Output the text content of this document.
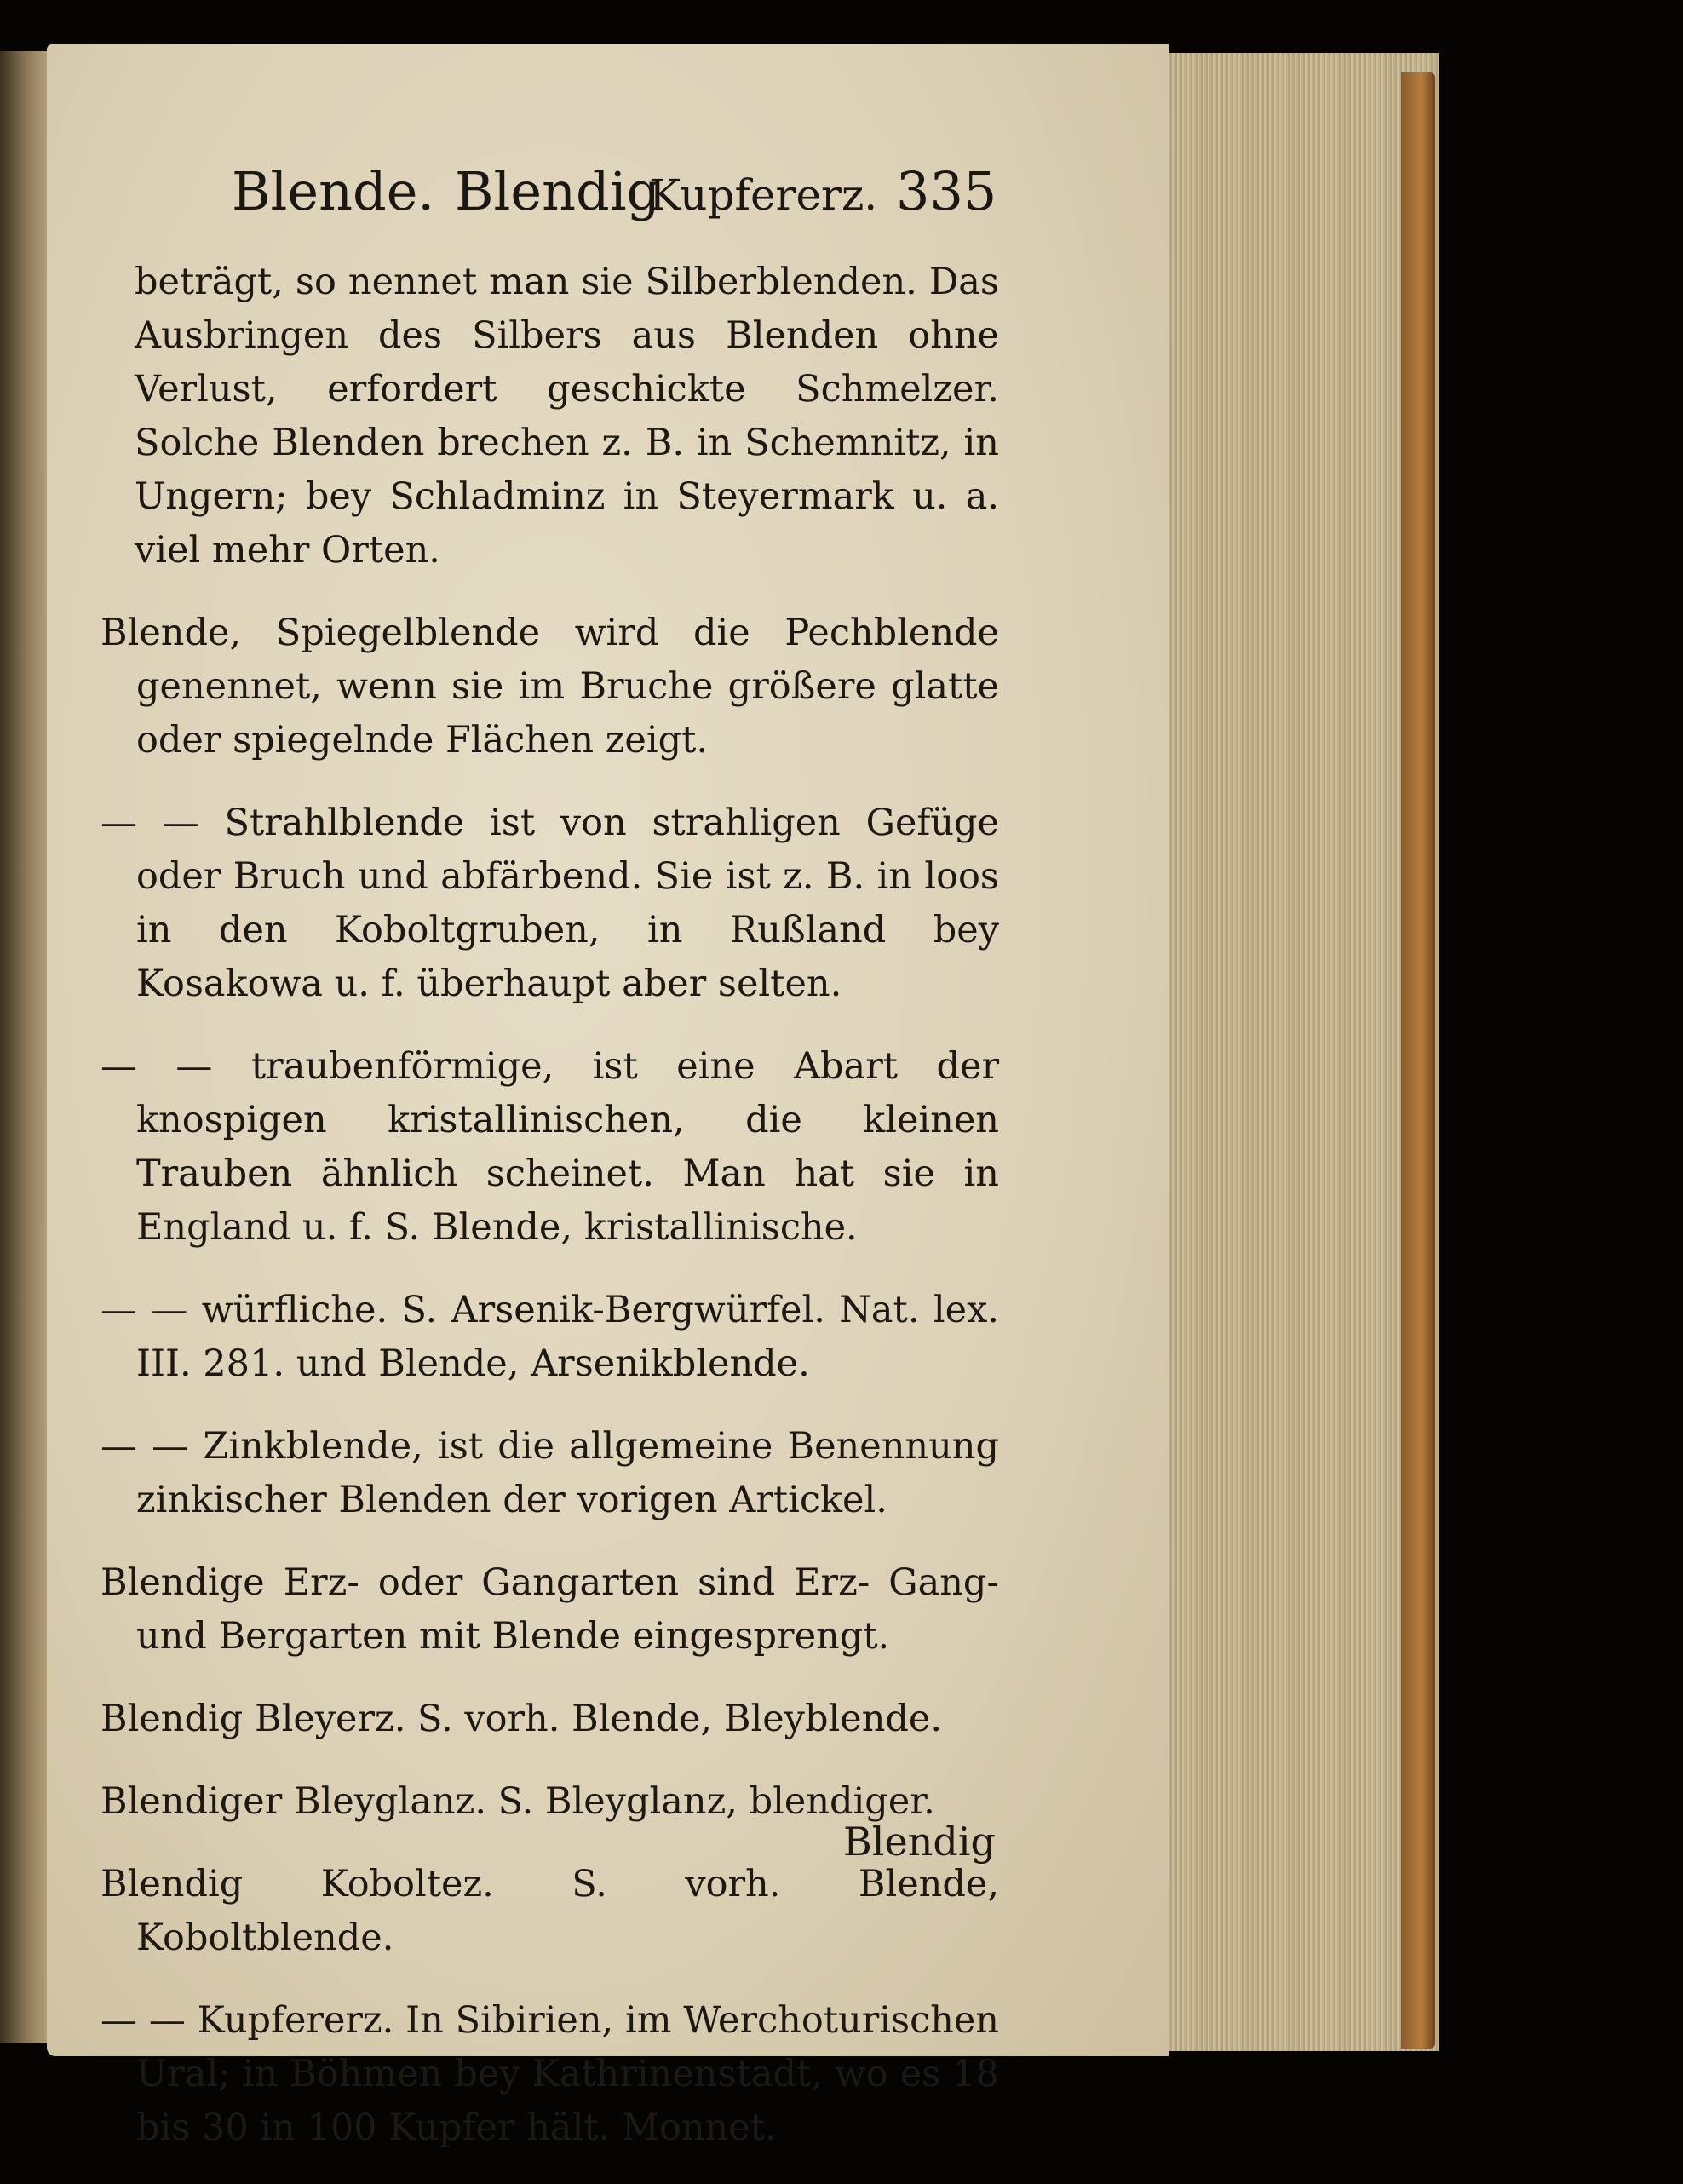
Blende. Blendig
Kupfererz. 335

beträgt, so nennet man sie Silberblenden. Das Ausbringen des Silbers aus Blenden ohne Verlust, erfordert geschickte Schmelzer. Solche Blenden brechen z. B. in Schemnitz, in Ungern; bey Schladminz in Steyermark u. a. viel mehr Orten.

Blende, Spiegelblende wird die Pechblende genennet, wenn sie im Bruche größere glatte oder spiegelnde Flächen zeigt.

— — Strahlblende ist von strahligen Gefüge oder Bruch und abfärbend. Sie ist z. B. in loos in den Koboltgruben, in Rußland bey Kosakowa u. f. überhaupt aber selten.

— — traubenförmige, ist eine Abart der knospigen kristallinischen, die kleinen Trauben ähnlich scheinet. Man hat sie in England u. f. S. Blende, kristallinische.

— — würfliche. S. Arsenik-Bergwürfel. Nat. lex. III. 281. und Blende, Arsenikblende.

— — Zinkblende, ist die allgemeine Benennung zinkischer Blenden der vorigen Artickel.

Blendige Erz- oder Gangarten sind Erz- Gang- und Bergarten mit Blende eingesprengt.

Blendig Bleyerz. S. vorh. Blende, Bleyblende.

Blendiger Bleyglanz. S. Bleyglanz, blendiger.

Blendig Koboltez. S. vorh. Blende, Koboltblende.

— — Kupfererz. In Sibirien, im Werchoturischen Ural; in Böhmen bey Kathrinenstadt, wo es 18 bis 30 in 100 Kupfer hält. Monnet.

Blendig
